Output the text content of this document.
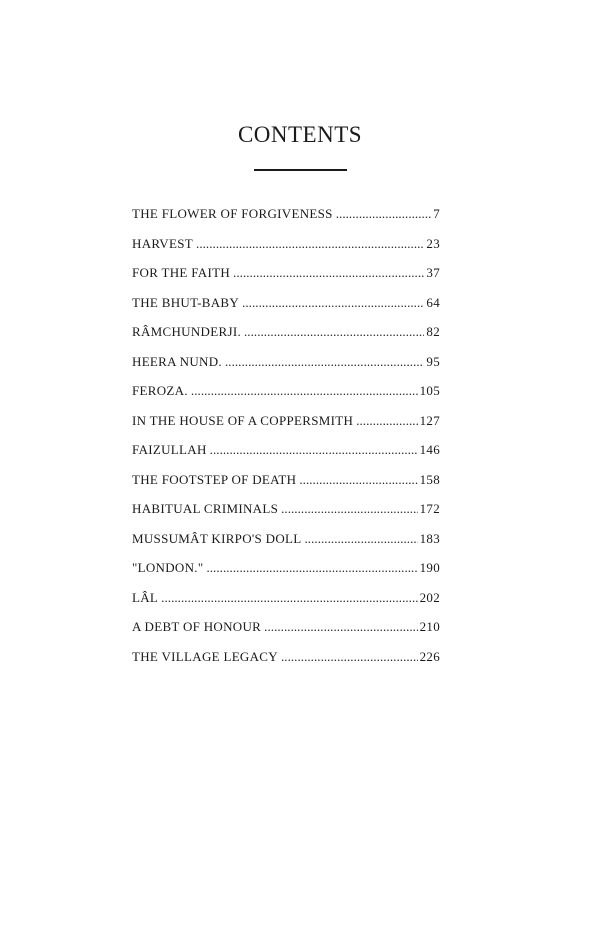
CONTENTS
THE FLOWER OF FORGIVENESS . . .	7
HARVEST . . .	23
FOR THE FAITH . . .	37
THE BHUT-BABY . . .	64
RÂMCHUNDERJI. . . .	82
HEERA NUND. . . .	95
FEROZA. . . .	105
IN THE HOUSE OF A COPPERSMITH . . .	127
FAIZULLAH . . .	146
THE FOOTSTEP OF DEATH . . .	158
HABITUAL CRIMINALS . . .	172
MUSSUMÂT KIRPO'S DOLL . . .	183
"LONDON." . . .	190
LÂL . . .	202
A DEBT OF HONOUR . . .	210
THE VILLAGE LEGACY . . .	226
